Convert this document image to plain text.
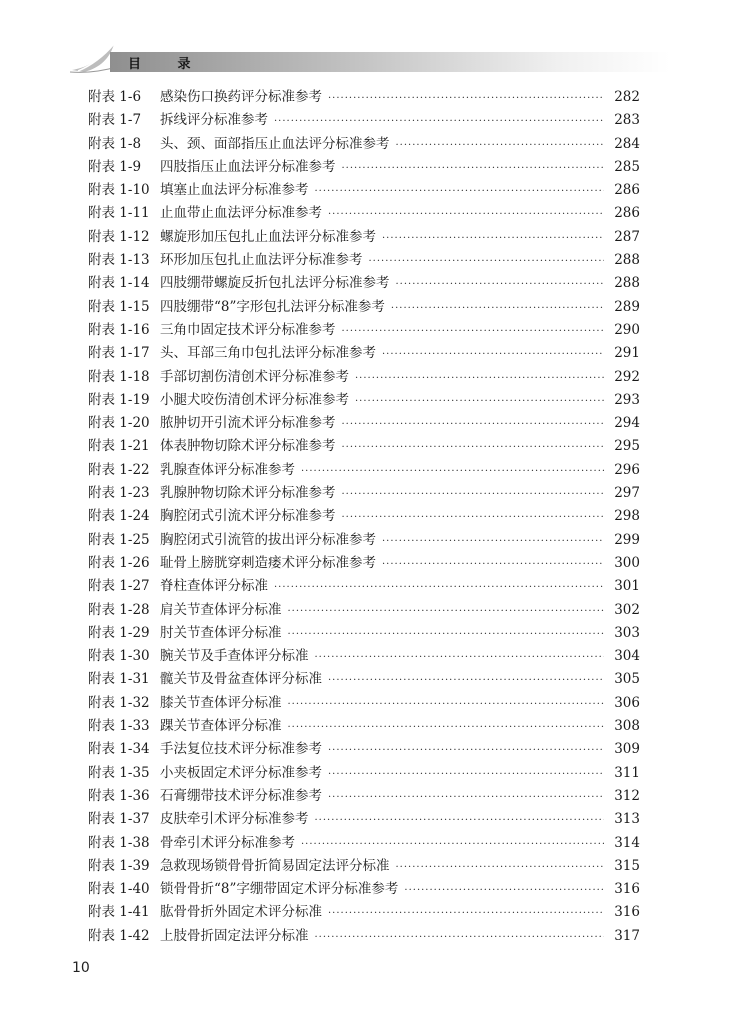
目 录
附表 1-6	感染伤口换药评分标准参考 ·····	282
附表 1-7	拆线评分标准参考 ·····	283
附表 1-8	头、颈、面部指压止血法评分标准参考 ·····	284
附表 1-9	四肢指压止血法评分标准参考 ·····	285
附表 1-10 填塞止血法评分标准参考 ·····	286
附表 1-11 止血带止血法评分标准参考 ·····	286
附表 1-12 螺旋形加压包扎止血法评分标准参考 ·····	287
附表 1-13 环形加压包扎止血法评分标准参考 ·····	288
附表 1-14 四肢绷带螺旋反折包扎法评分标准参考 ·····	288
附表 1-15 四肢绷带“8”字形包扎法评分标准参考 ·····	289
附表 1-16 三角巾固定技术评分标准参考 ·····	290
附表 1-17 头、耳部三角巾包扎法评分标准参考 ·····	291
附表 1-18 手部切割伤清创术评分标准参考 ·····	292
附表 1-19 小腿犬咬伤清创术评分标准参考 ·····	293
附表 1-20 脓肿切开引流术评分标准参考 ·····	294
附表 1-21 体表肿物切除术评分标准参考 ·····	295
附表 1-22 乳腺查体评分标准参考 ·····	296
附表 1-23 乳腺肿物切除术评分标准参考 ·····	297
附表 1-24 胸腔闭式引流术评分标准参考 ·····	298
附表 1-25 胸腔闭式引流管的拔出评分标准参考 ·····	299
附表 1-26 耻骨上膀胱穿刺造瘘术评分标准参考 ·····	300
附表 1-27 脊柱查体评分标准 ·····	301
附表 1-28 肩关节查体评分标准 ·····	302
附表 1-29 肘关节查体评分标准 ·····	303
附表 1-30 腕关节及手查体评分标准 ·····	304
附表 1-31 髋关节及骨盆查体评分标准 ·····	305
附表 1-32 膝关节查体评分标准 ·····	306
附表 1-33 踝关节查体评分标准 ·····	308
附表 1-34 手法复位技术评分标准参考 ·····	309
附表 1-35 小夹板固定术评分标准参考 ·····	311
附表 1-36 石膏绷带技术评分标准参考 ·····	312
附表 1-37 皮肤牵引术评分标准参考 ·····	313
附表 1-38 骨牵引术评分标准参考 ·····	314
附表 1-39 急救现场锁骨骨折简易固定法评分标准 ·····	315
附表 1-40 锁骨骨折“8”字绷带固定术评分标准参考 ·····	316
附表 1-41 肱骨骨折外固定术评分标准 ·····	316
附表 1-42 上肢骨折固定法评分标准 ·····	317
10
